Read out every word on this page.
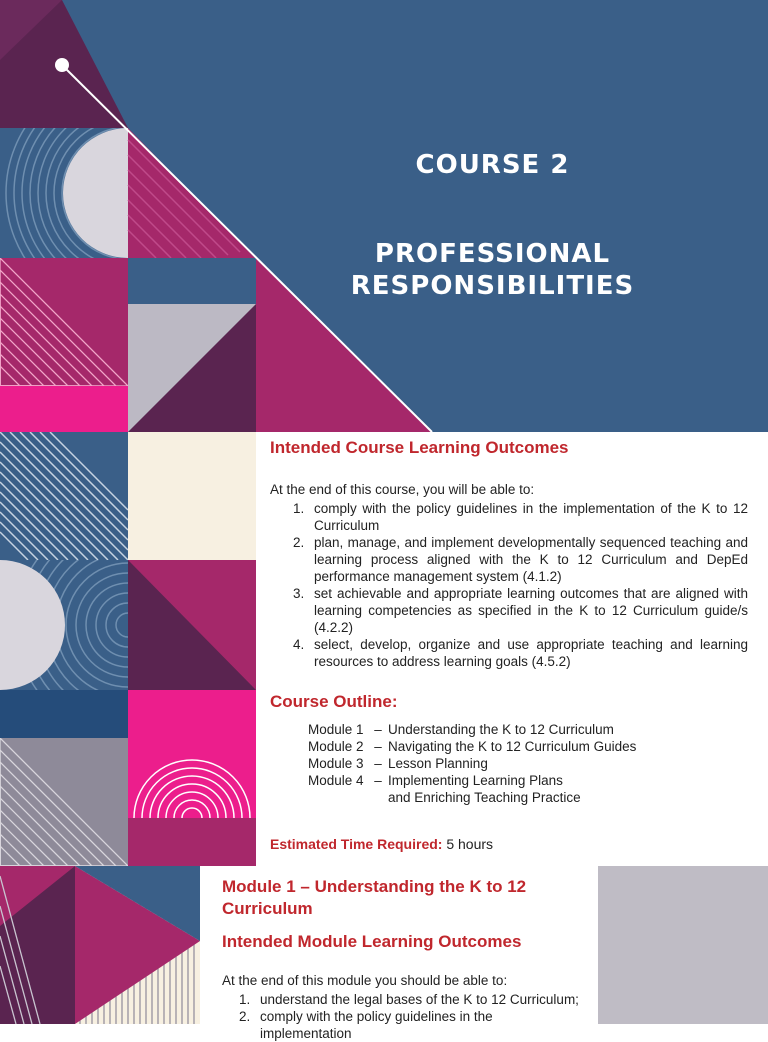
COURSE 2
PROFESSIONAL RESPONSIBILITIES
Intended Course Learning Outcomes
At the end of this course, you will be able to:
1. comply with the policy guidelines in the implementation of the K to 12 Curriculum
2. plan, manage, and implement developmentally sequenced teaching and learning process aligned with the K to 12 Curriculum and DepEd performance management system (4.1.2)
3. set achievable and appropriate learning outcomes that are aligned with learning competencies as specified in the K to 12 Curriculum guide/s (4.2.2)
4. select, develop, organize and use appropriate teaching and learning resources to address learning goals (4.5.2)
Course Outline:
Module 1 – Understanding the K to 12 Curriculum
Module 2 – Navigating the K to 12 Curriculum Guides
Module 3 – Lesson Planning
Module 4 – Implementing Learning Plans
and Enriching Teaching Practice
Estimated Time Required: 5 hours
Module 1 – Understanding the K to 12 Curriculum
Intended Module Learning Outcomes
At the end of this module you should be able to:
1. understand the legal bases of the K to 12 Curriculum;
2. comply with the policy guidelines in the implementation
